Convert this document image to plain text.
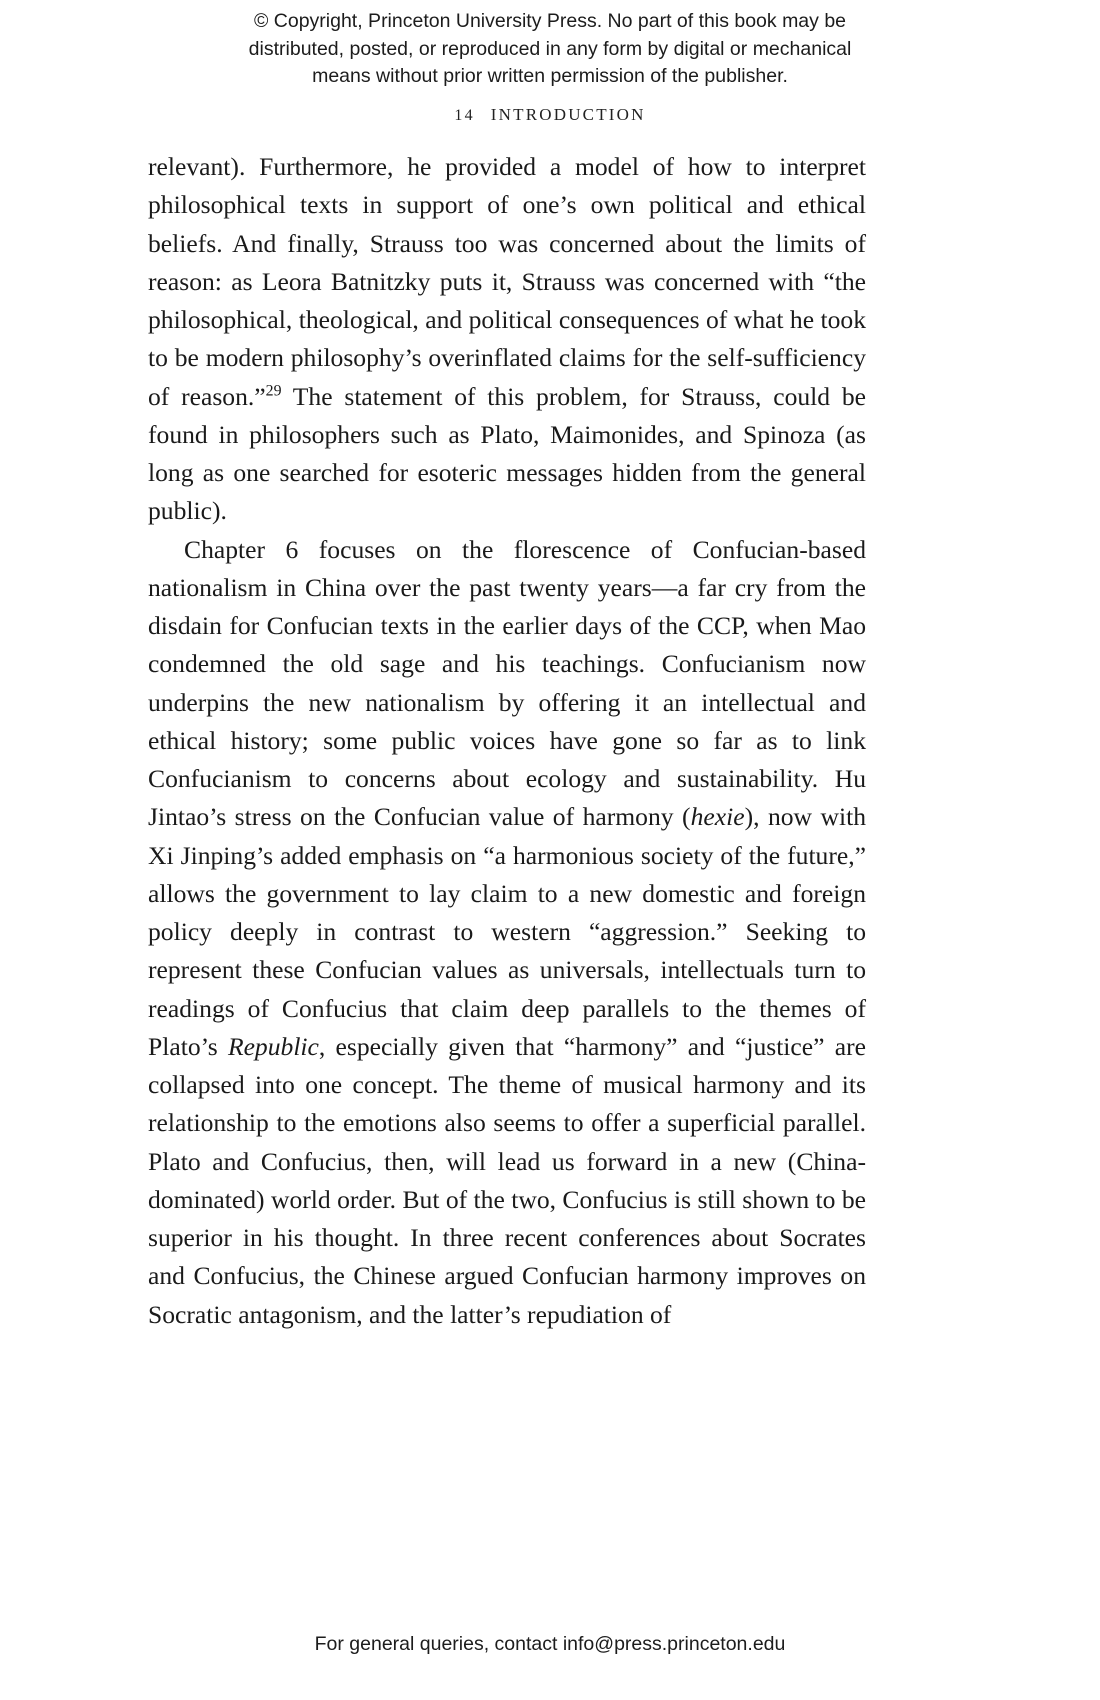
© Copyright, Princeton University Press. No part of this book may be
distributed, posted, or reproduced in any form by digital or mechanical
means without prior written permission of the publisher.
14 INTRODUCTION

relevant). Furthermore, he provided a model of how to interpret philosophical texts in support of one’s own political and ethical beliefs. And finally, Strauss too was concerned about the limits of reason: as Leora Batnitzky puts it, Strauss was concerned with “the philosophical, theological, and political consequences of what he took to be modern philosophy’s overinflated claims for the self-sufficiency of reason.”$^{29}$ The statement of this problem, for Strauss, could be found in philosophers such as Plato, Maimonides, and Spinoza (as long as one searched for esoteric messages hidden from the general public).

Chapter 6 focuses on the florescence of Confucian-based nationalism in China over the past twenty years—a far cry from the disdain for Confucian texts in the earlier days of the CCP, when Mao condemned the old sage and his teachings. Confucianism now underpins the new nationalism by offering it an intellectual and ethical history; some public voices have gone so far as to link Confucianism to concerns about ecology and sustainability. Hu Jintao’s stress on the Confucian value of harmony (hexie), now with Xi Jinping’s added emphasis on “a harmonious society of the future,” allows the government to lay claim to a new domestic and foreign policy deeply in contrast to western “aggression.” Seeking to represent these Confucian values as universals, intellectuals turn to readings of Confucius that claim deep parallels to the themes of Plato’s Republic, especially given that “harmony” and “justice” are collapsed into one concept. The theme of musical harmony and its relationship to the emotions also seems to offer a superficial parallel. Plato and Confucius, then, will lead us forward in a new (China-dominated) world order. But of the two, Confucius is still shown to be superior in his thought. In three recent conferences about Socrates and Confucius, the Chinese argued Confucian harmony improves on Socratic antagonism, and the latter’s repudiation of

For general queries, contact info@press.princeton.edu
